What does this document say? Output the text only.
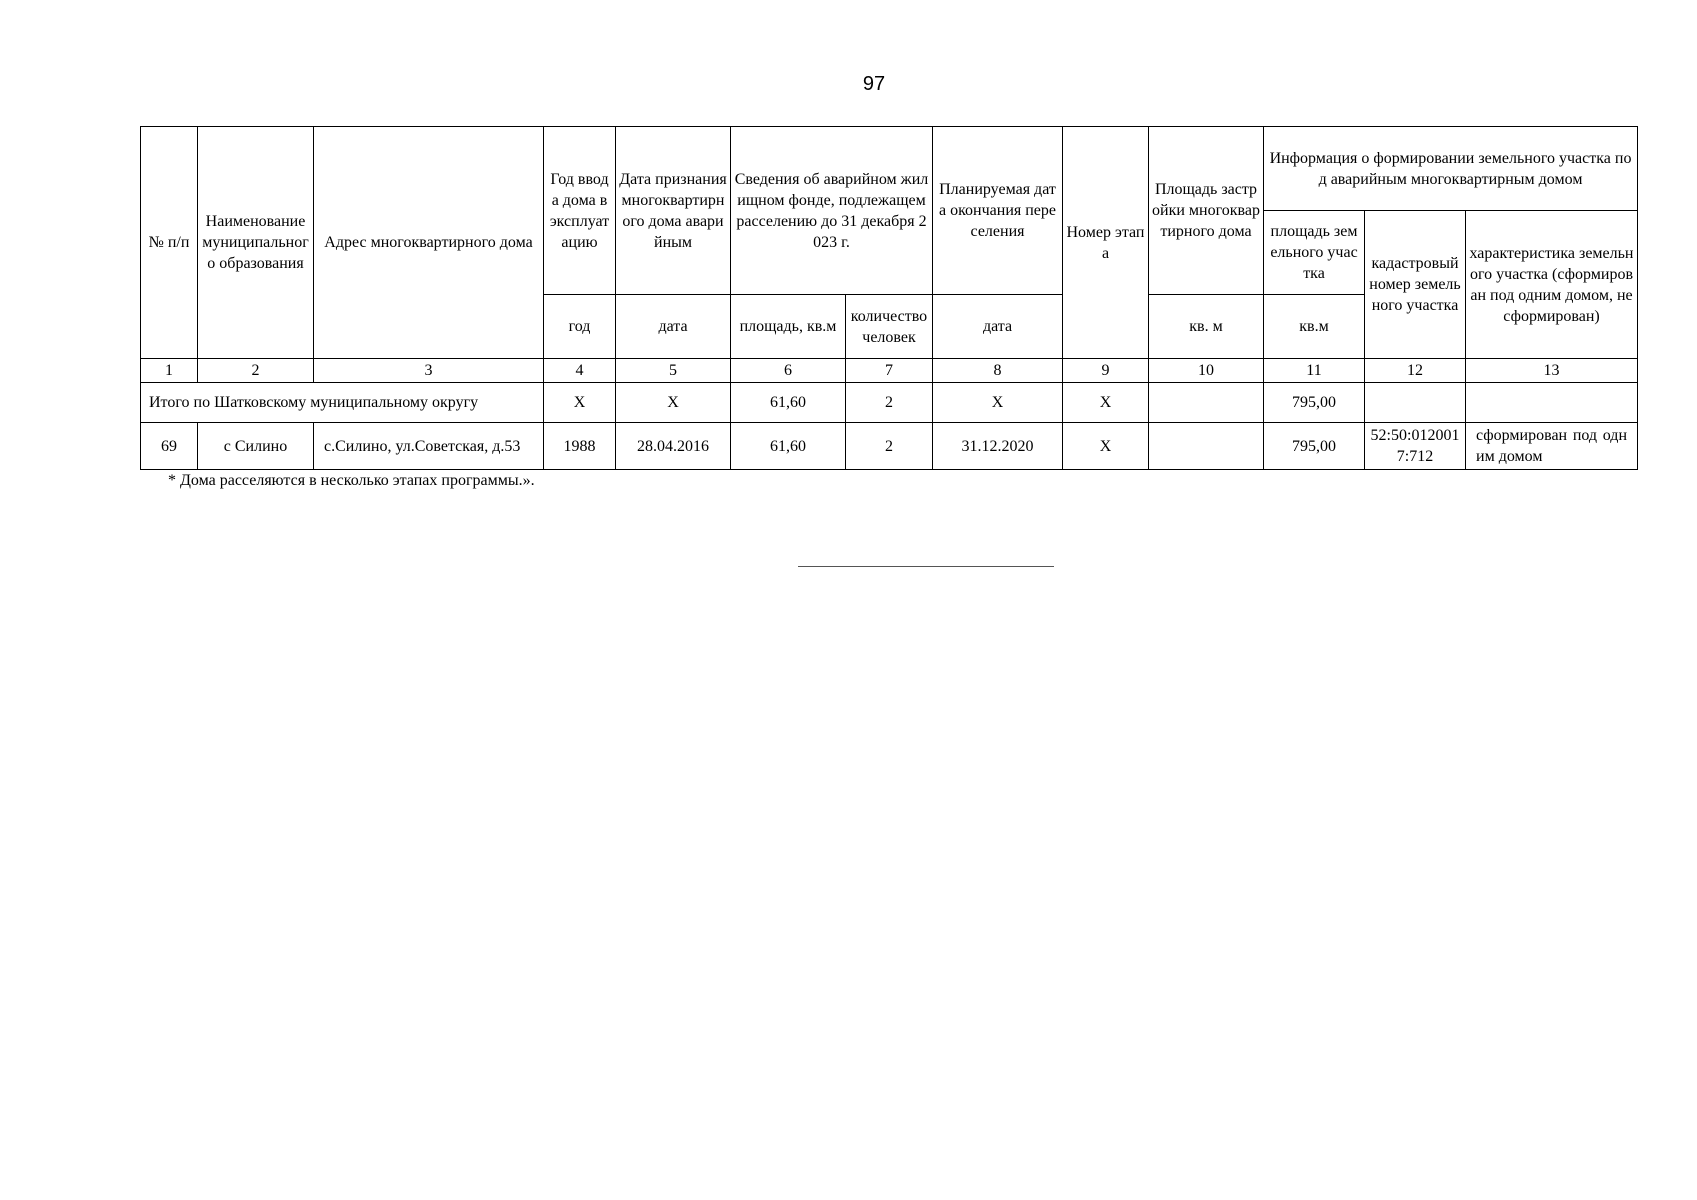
97
№ п/п	Наименование муниципального образования	Адрес многоквартирного дома	Год ввода дома в эксплуатацию	Дата признания многоквартирного дома аварийным	Сведения об аварийном жилищном фонде, подлежащем расселению до 31 декабря 2023 г.		Планируемая дата окончания переселения	Номер этапа	Площадь застройки многоквартирного дома	Информация о формировании земельного участка под аварийным многоквартирным домом		
										площадь земельного участка	кадастровый номер земельного участка	характеристика земельного участка (сформирован под одним домом, не сформирован)
			год	дата	площадь, кв.м	количество человек	дата		кв. м	кв.м		
1	2	3	4	5	6	7	8	9	10	11	12	13
Итого по Шатковскому муниципальному округу			X	X	61,60	2	X	X		795,00		
69	с Силино	с.Силино, ул.Советская, д.53	1988	28.04.2016	61,60	2	31.12.2020	X		795,00	52:50:0120017:712	сформирован под одним домом
* Дома расселяются в несколько этапах программы.».
